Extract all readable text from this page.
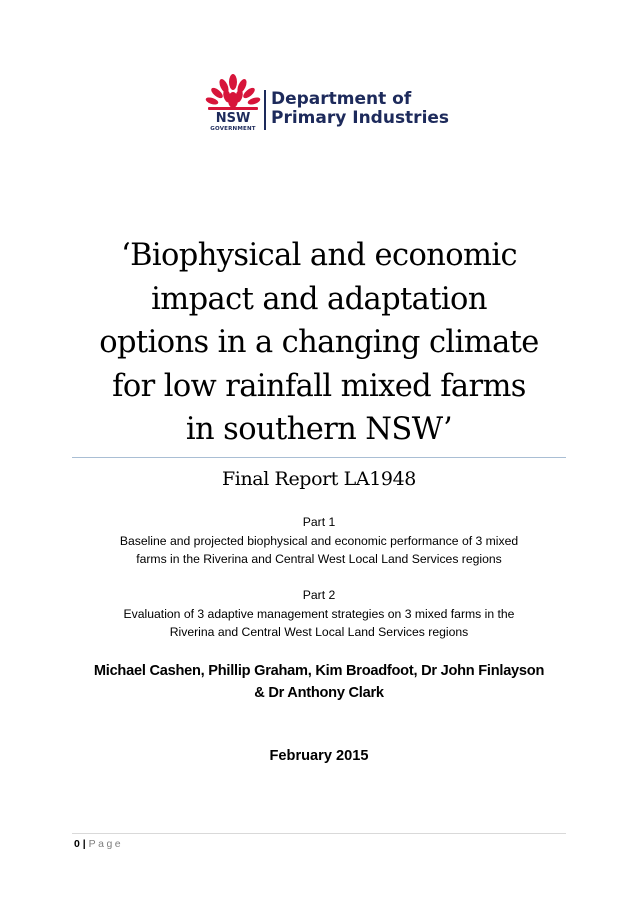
NSW
GOVERNMENT
Department of
Primary Industries
‘Biophysical and economic
impact and adaptation
options in a changing climate
for low rainfall mixed farms
in southern NSW’
Final Report LA1948
Part 1
Baseline and projected biophysical and economic performance of 3 mixed
farms in the Riverina and Central West Local Land Services regions
Part 2
Evaluation of 3 adaptive management strategies on 3 mixed farms in the
Riverina and Central West Local Land Services regions
Michael Cashen, Phillip Graham, Kim Broadfoot, Dr John Finlayson
& Dr Anthony Clark
February 2015
0 | Page
